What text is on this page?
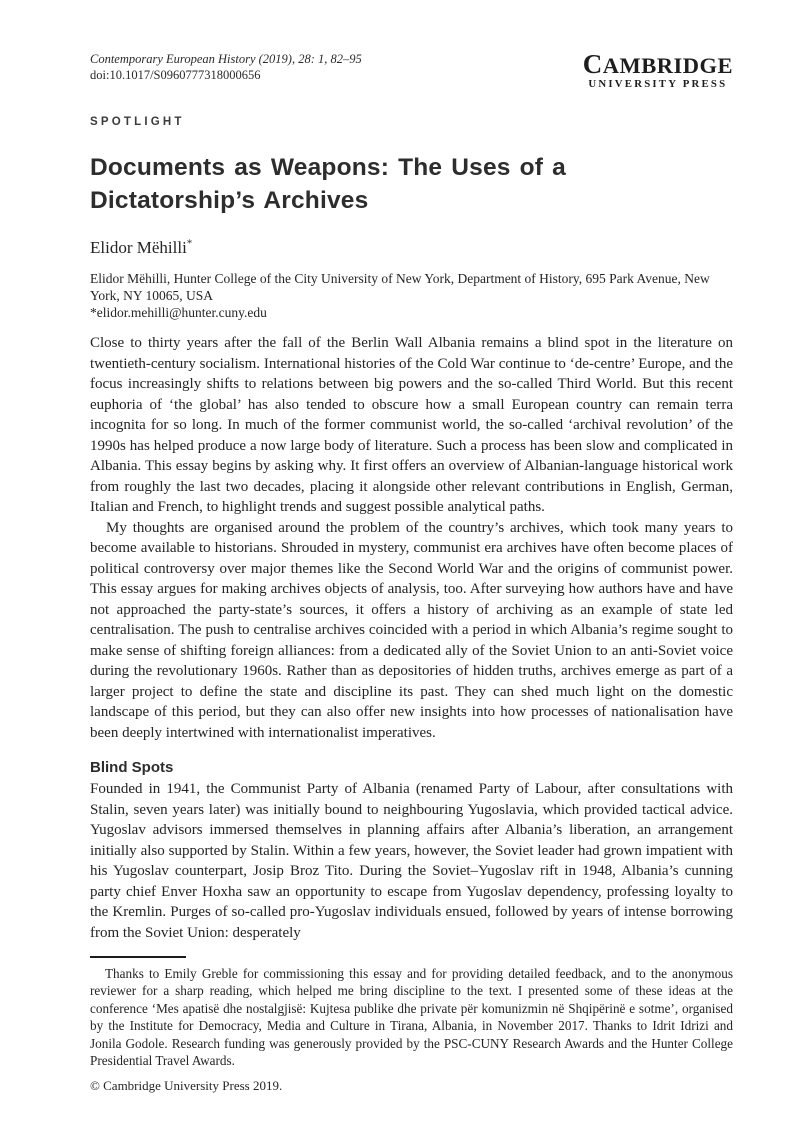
Contemporary European History (2019), 28: 1, 82–95
doi:10.1017/S0960777318000656	CAMBRIDGE
UNIVERSITY PRESS
SPOTLIGHT
Documents as Weapons: The Uses of a Dictatorship’s Archives
Elidor Mëhilli*
Elidor Mëhilli, Hunter College of the City University of New York, Department of History, 695 Park Avenue, New York, NY 10065, USA
*elidor.mehilli@hunter.cuny.edu

Close to thirty years after the fall of the Berlin Wall Albania remains a blind spot in the literature on twentieth-century socialism. International histories of the Cold War continue to ‘de-centre’ Europe, and the focus increasingly shifts to relations between big powers and the so-called Third World. But this recent euphoria of ‘the global’ has also tended to obscure how a small European country can remain terra incognita for so long. In much of the former communist world, the so-called ‘archival revolution’ of the 1990s has helped produce a now large body of literature. Such a process has been slow and complicated in Albania. This essay begins by asking why. It first offers an overview of Albanian-language historical work from roughly the last two decades, placing it alongside other relevant contributions in English, German, Italian and French, to highlight trends and suggest possible analytical paths.

My thoughts are organised around the problem of the country’s archives, which took many years to become available to historians. Shrouded in mystery, communist era archives have often become places of political controversy over major themes like the Second World War and the origins of communist power. This essay argues for making archives objects of analysis, too. After surveying how authors have and have not approached the party-state’s sources, it offers a history of archiving as an example of state led centralisation. The push to centralise archives coincided with a period in which Albania’s regime sought to make sense of shifting foreign alliances: from a dedicated ally of the Soviet Union to an anti-Soviet voice during the revolutionary 1960s. Rather than as depositories of hidden truths, archives emerge as part of a larger project to define the state and discipline its past. They can shed much light on the domestic landscape of this period, but they can also offer new insights into how processes of nationalisation have been deeply intertwined with internationalist imperatives.

Blind Spots

Founded in 1941, the Communist Party of Albania (renamed Party of Labour, after consultations with Stalin, seven years later) was initially bound to neighbouring Yugoslavia, which provided tactical advice. Yugoslav advisors immersed themselves in planning affairs after Albania’s liberation, an arrangement initially also supported by Stalin. Within a few years, however, the Soviet leader had grown impatient with his Yugoslav counterpart, Josip Broz Tito. During the Soviet–Yugoslav rift in 1948, Albania’s cunning party chief Enver Hoxha saw an opportunity to escape from Yugoslav dependency, professing loyalty to the Kremlin. Purges of so-called pro-Yugoslav individuals ensued, followed by years of intense borrowing from the Soviet Union: desperately

Thanks to Emily Greble for commissioning this essay and for providing detailed feedback, and to the anonymous reviewer for a sharp reading, which helped me bring discipline to the text. I presented some of these ideas at the conference ‘Mes apatisë dhe nostalgjisë: Kujtesa publike dhe private për komunizmin në Shqipërinë e sotme’, organised by the Institute for Democracy, Media and Culture in Tirana, Albania, in November 2017. Thanks to Idrit Idrizi and Jonila Godole. Research funding was generously provided by the PSC-CUNY Research Awards and the Hunter College Presidential Travel Awards.

© Cambridge University Press 2019.
